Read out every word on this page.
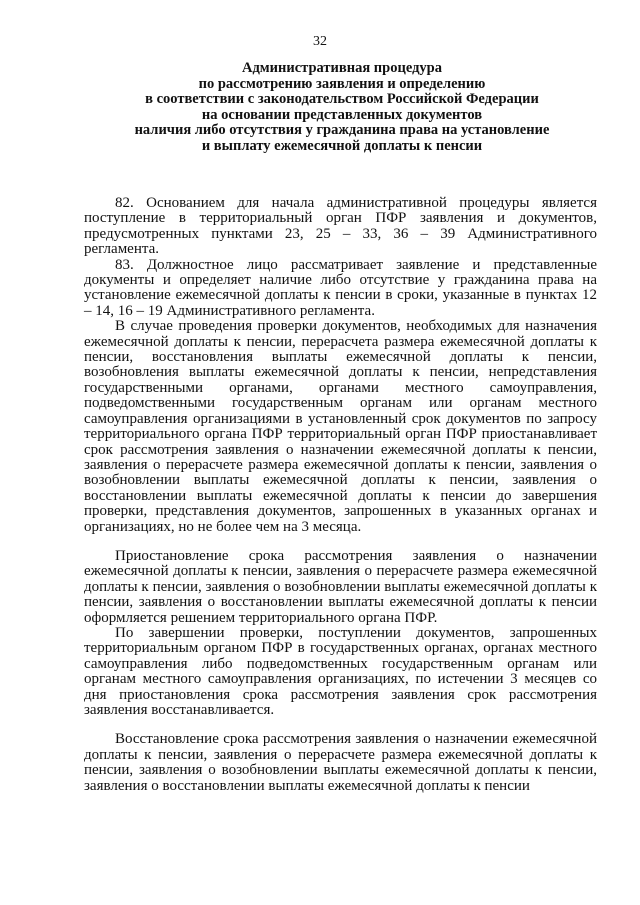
32
Административная процедура
по рассмотрению заявления и определению
в соответствии с законодательством Российской Федерации
на основании представленных документов
наличия либо отсутствия у гражданина права на установление
и выплату ежемесячной доплаты к пенсии

82. Основанием для начала административной процедуры является поступление в территориальный орган ПФР заявления и документов, предусмотренных пунктами 23, 25 – 33, 36 – 39 Административного регламента.

83. Должностное лицо рассматривает заявление и представленные документы и определяет наличие либо отсутствие у гражданина права на установление ежемесячной доплаты к пенсии в сроки, указанные в пунктах 12 – 14, 16 – 19 Административного регламента.

В случае проведения проверки документов, необходимых для назначения ежемесячной доплаты к пенсии, перерасчета размера ежемесячной доплаты к пенсии, восстановления выплаты ежемесячной доплаты к пенсии, возобновления выплаты ежемесячной доплаты к пенсии, непредставления государственными органами, органами местного самоуправления, подведомственными государственным органам или органам местного самоуправления организациями в установленный срок документов по запросу территориального органа ПФР территориальный орган ПФР приостанавливает срок рассмотрения заявления о назначении ежемесячной доплаты к пенсии, заявления о перерасчете размера ежемесячной доплаты к пенсии, заявления о возобновлении выплаты ежемесячной доплаты к пенсии, заявления о восстановлении выплаты ежемесячной доплаты к пенсии до завершения проверки, представления документов, запрошенных в указанных органах и организациях, но не более чем на 3 месяца.

Приостановление срока рассмотрения заявления о назначении ежемесячной доплаты к пенсии, заявления о перерасчете размера ежемесячной доплаты к пенсии, заявления о возобновлении выплаты ежемесячной доплаты к пенсии, заявления о восстановлении выплаты ежемесячной доплаты к пенсии оформляется решением территориального органа ПФР.

По завершении проверки, поступлении документов, запрошенных территориальным органом ПФР в государственных органах, органах местного самоуправления либо подведомственных государственным органам или органам местного самоуправления организациях, по истечении 3 месяцев со дня приостановления срока рассмотрения заявления срок рассмотрения заявления восстанавливается.

Восстановление срока рассмотрения заявления о назначении ежемесячной доплаты к пенсии, заявления о перерасчете размера ежемесячной доплаты к пенсии, заявления о возобновлении выплаты ежемесячной доплаты к пенсии, заявления о восстановлении выплаты ежемесячной доплаты к пенсии
